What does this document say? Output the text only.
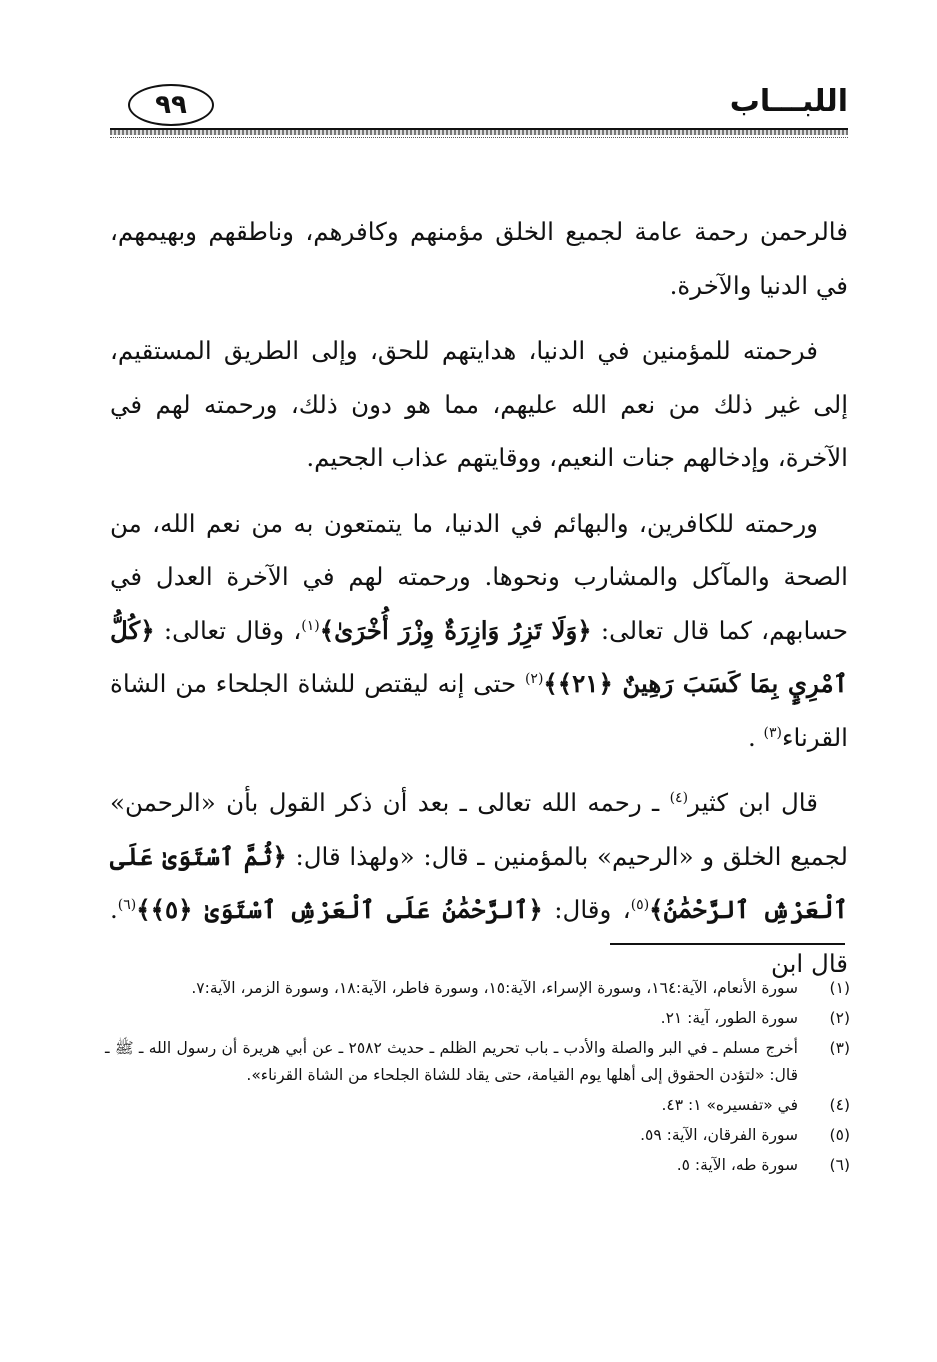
اللبـــاب
٩٩

فالرحمن رحمة عامة لجميع الخلق مؤمنهم وكافرهم، وناطقهم وبهيمهم، في الدنيا والآخرة.

فرحمته للمؤمنين في الدنيا، هدايتهم للحق، وإلى الطريق المستقيم، إلى غير ذلك من نعم الله عليهم، مما هو دون ذلك، ورحمته لهم في الآخرة، وإدخالهم جنات النعيم، ووقايتهم عذاب الجحيم.

ورحمته للكافرين، والبهائم في الدنيا، ما يتمتعون به من نعم الله، من الصحة والمآكل والمشارب ونحوها. ورحمته لهم في الآخرة العدل في حسابهم، كما قال تعالى: ﴿وَلَا تَزِرُ وَازِرَةٌ وِزْرَ أُخْرَىٰ﴾$^{(١)}$، وقال تعالى: ﴿كُلُّ ٱمْرِيٍٕ بِمَا كَسَبَ رَهِينٌ ﴿٢١﴾﴾$^{(٢)}$ حتى إنه ليقتص للشاة الجلحاء من الشاة القرناء$^{(٣)}$ .

قال ابن كثير$^{(٤)}$ ـ رحمه الله تعالى ـ بعد أن ذكر القول بأن «الرحمن» لجميع الخلق و «الرحيم» بالمؤمنين ـ قال: «ولهذا قال: ﴿ثُمَّ ٱسْتَوَىٰ عَلَى ٱلْعَرْشِ ٱلرَّحْمَٰنُ﴾$^{(٥)}$، وقال: ﴿ٱلرَّحْمَٰنُ عَلَى ٱلْعَرْشِ ٱسْتَوَىٰ ﴿٥﴾﴾$^{(٦)}$. قال ابن

(١)
سورة الأنعام، الآية:١٦٤، وسورة الإسراء، الآية:١٥، وسورة فاطر، الآية:١٨، وسورة الزمر، الآية:٧.
(٢)
سورة الطور، آية: ٢١.
(٣)
أخرج مسلم ـ في البر والصلة والأدب ـ باب تحريم الظلم ـ حديث ٢٥٨٢ ـ عن أبي هريرة أن رسول الله ـ ﷺ ـ قال: «لتؤدن الحقوق إلى أهلها يوم القيامة، حتى يقاد للشاة الجلحاء من الشاة القرناء».
(٤)
في «تفسيره» ١: ٤٣.
(٥)
سورة الفرقان، الآية: ٥٩.
(٦)
سورة طه، الآية: ٥.
